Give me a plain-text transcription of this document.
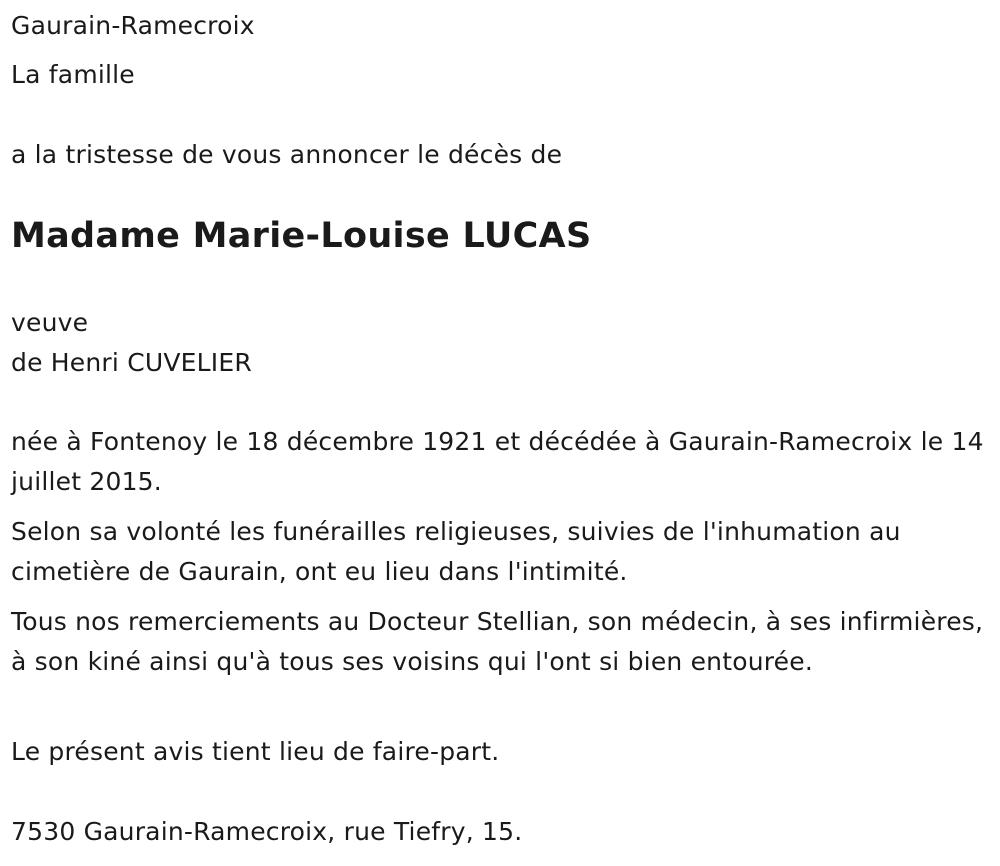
Gaurain-Ramecroix

La famille

a la tristesse de vous annoncer le décès de

Madame Marie-Louise LUCAS

veuve

de Henri CUVELIER

née à Fontenoy le 18 décembre 1921 et décédée à Gaurain-Ramecroix le 14 juillet 2015.

Selon sa volonté les funérailles religieuses, suivies de l'inhumation au cimetière de Gaurain, ont eu lieu dans l'intimité.

Tous nos remerciements au Docteur Stellian, son médecin, à ses infirmières, à son kiné ainsi qu'à tous ses voisins qui l'ont si bien entourée.

Le présent avis tient lieu de faire-part.

7530 Gaurain-Ramecroix, rue Tiefry, 15.
